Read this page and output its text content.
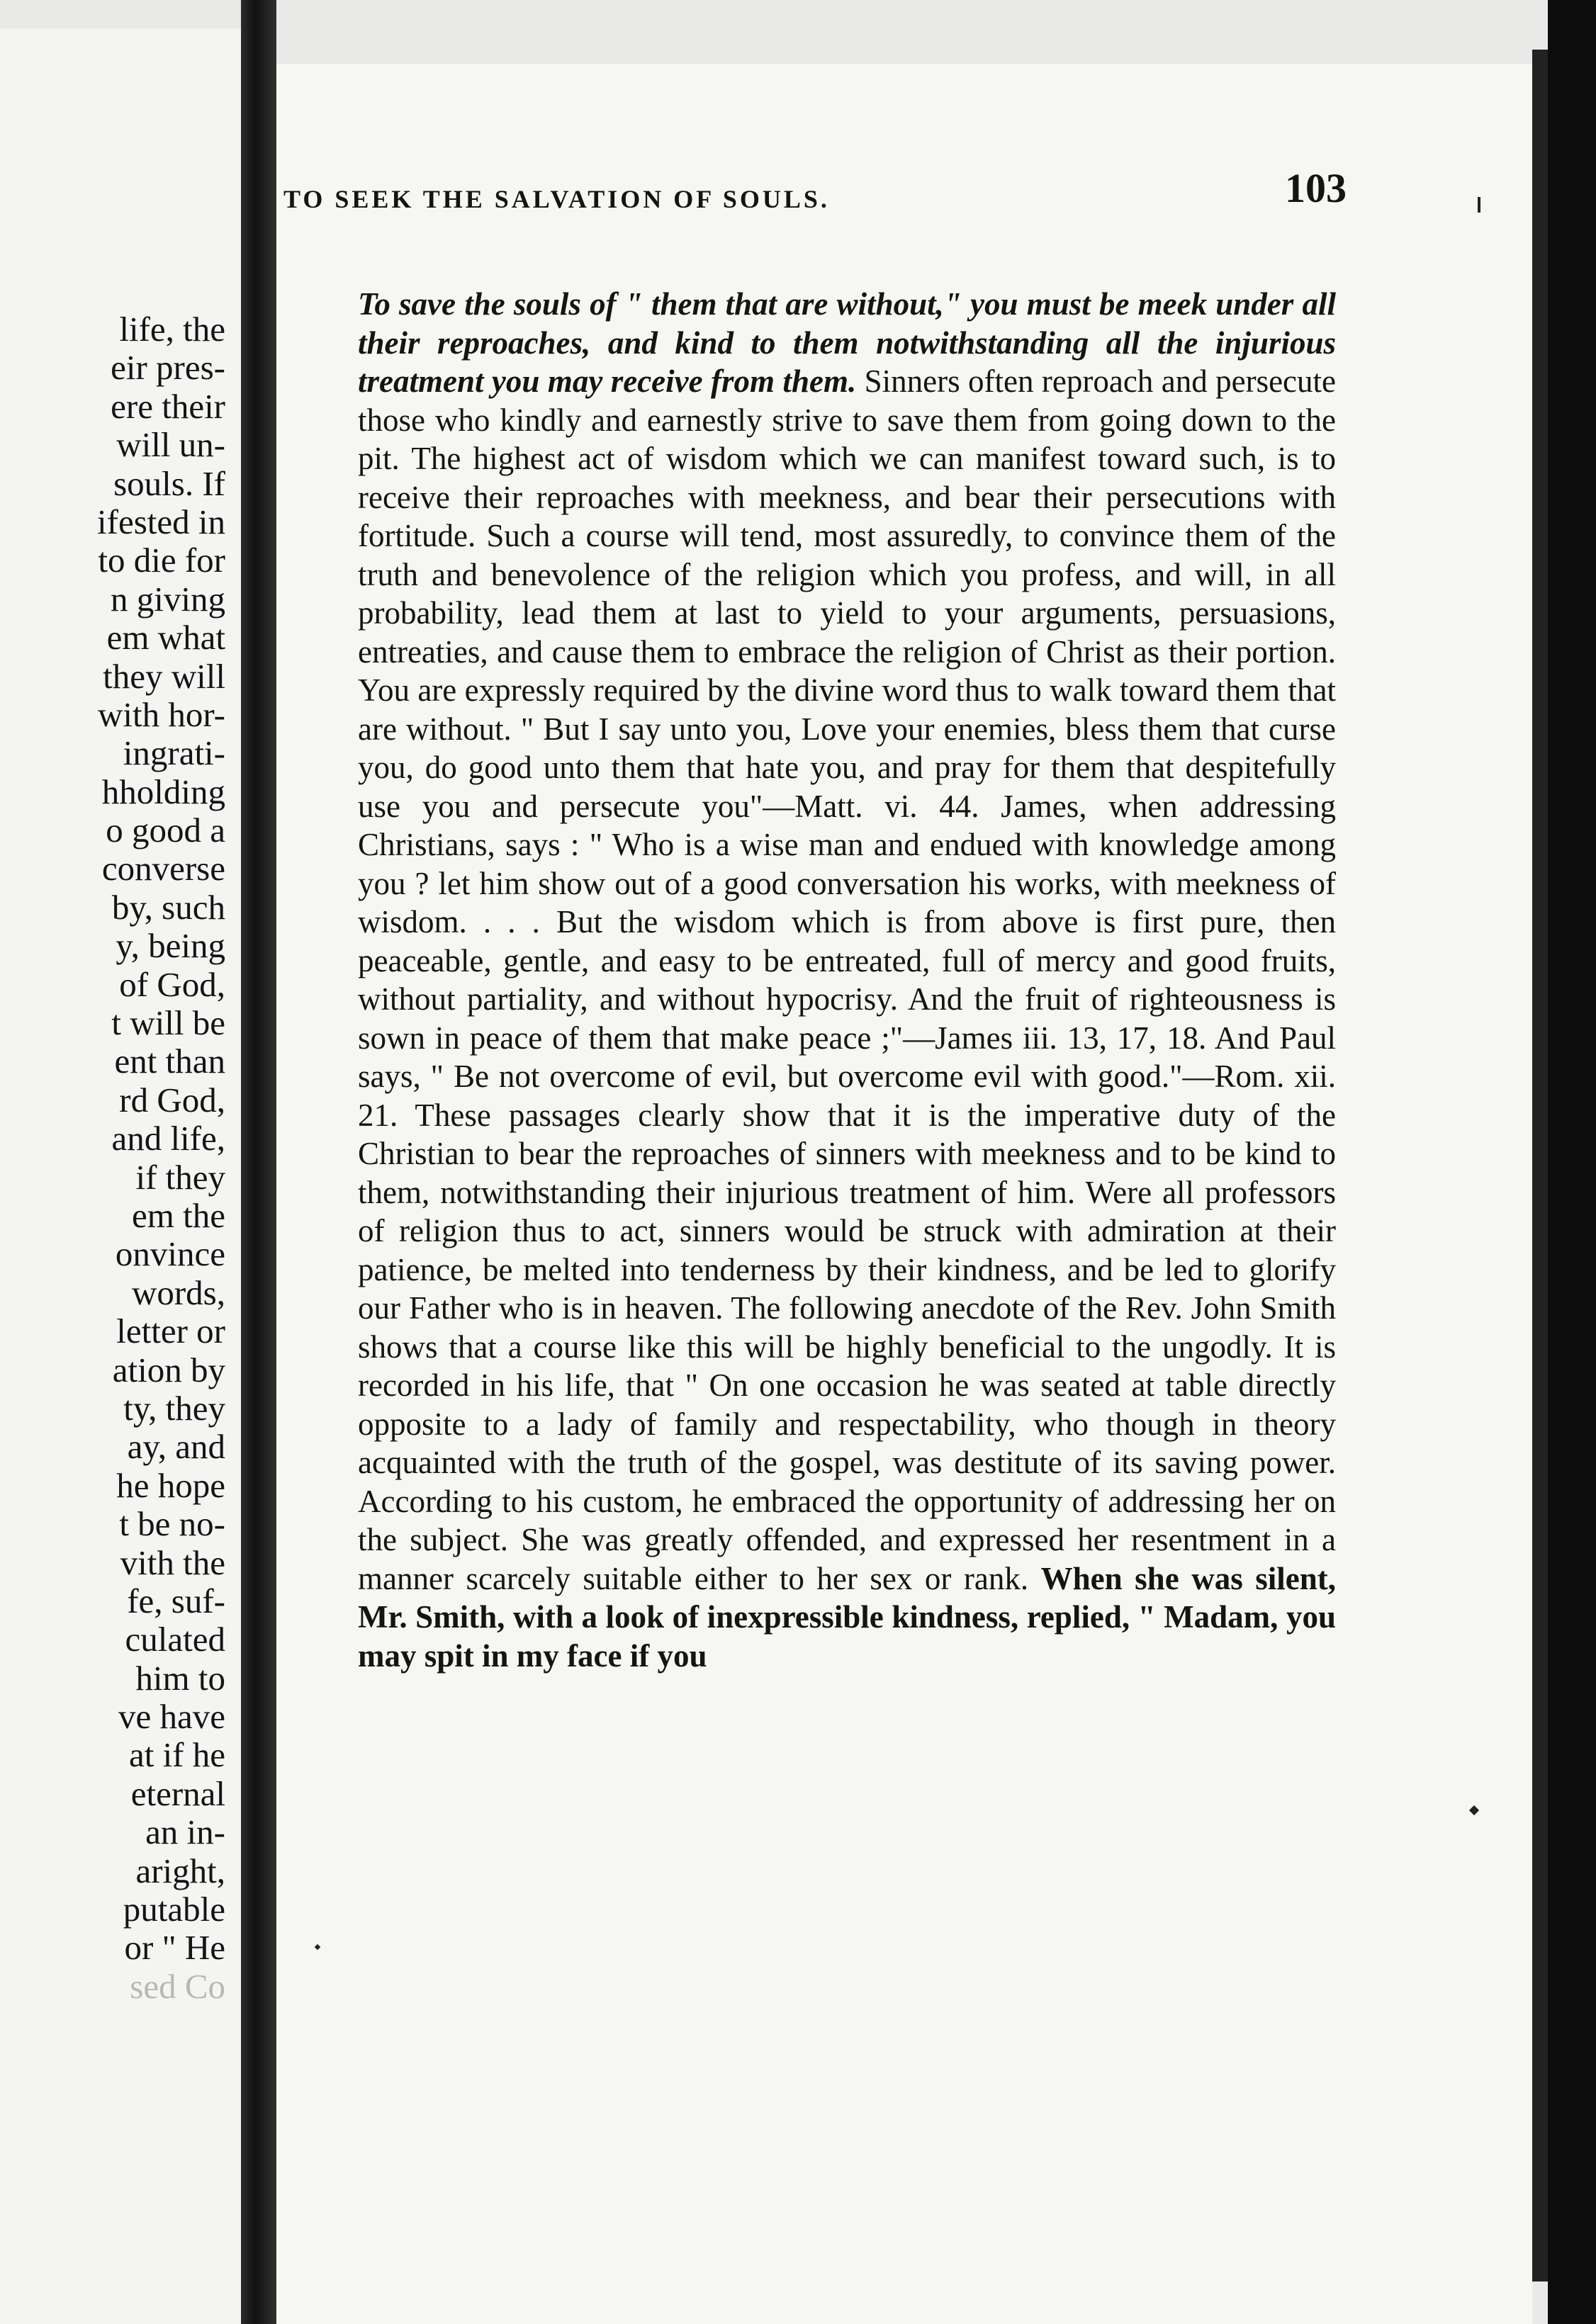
life, the
eir pres-
ere their
will un-
souls. If
ifested in
to die for
n giving
em what
they will
with hor-
ingrati-
hholding
o good a
converse
by, such
y, being
of God,
t will be
ent than
rd God,
and life,
if they
em the
onvince
words,
letter or
ation by
ty, they
ay, and
he hope
t be no-
vith the
fe, suf-
culated
him to
ve have
at if he
eternal
an in-
aright,
putable
or " He
sed Co
TO SEEK THE SALVATION OF SOULS.	103
To save the souls of " them that are without," you must be meek under all their reproaches, and kind to them notwithstanding all the injurious treatment you may receive from them. Sinners often reproach and persecute those who kindly and earnestly strive to save them from going down to the pit. The highest act of wisdom which we can manifest toward such, is to receive their reproaches with meekness, and bear their persecutions with fortitude. Such a course will tend, most assuredly, to convince them of the truth and benevolence of the religion which you profess, and will, in all probability, lead them at last to yield to your arguments, persuasions, entreaties, and cause them to embrace the religion of Christ as their portion. You are expressly required by the divine word thus to walk toward them that are without. " But I say unto you, Love your enemies, bless them that curse you, do good unto them that hate you, and pray for them that despitefully use you and persecute you"—Matt. vi. 44. James, when addressing Christians, says : " Who is a wise man and endued with knowledge among you ? let him show out of a good conversation his works, with meekness of wisdom. . . . But the wisdom which is from above is first pure, then peaceable, gentle, and easy to be entreated, full of mercy and good fruits, without partiality, and without hypocrisy. And the fruit of righteousness is sown in peace of them that make peace ;"—James iii. 13, 17, 18. And Paul says, " Be not overcome of evil, but overcome evil with good."—Rom. xii. 21. These passages clearly show that it is the imperative duty of the Christian to bear the reproaches of sinners with meekness and to be kind to them, notwithstanding their injurious treatment of him. Were all professors of religion thus to act, sinners would be struck with admiration at their patience, be melted into tenderness by their kindness, and be led to glorify our Father who is in heaven. The following anecdote of the Rev. John Smith shows that a course like this will be highly beneficial to the ungodly. It is recorded in his life, that " On one occasion he was seated at table directly opposite to a lady of family and respectability, who though in theory acquainted with the truth of the gospel, was destitute of its saving power. According to his custom, he embraced the opportunity of addressing her on the subject. She was greatly offended, and expressed her resentment in a manner scarcely suitable either to her sex or rank. When she was silent, Mr. Smith, with a look of inexpressible kindness, replied, " Madam, you may spit in my face if you
